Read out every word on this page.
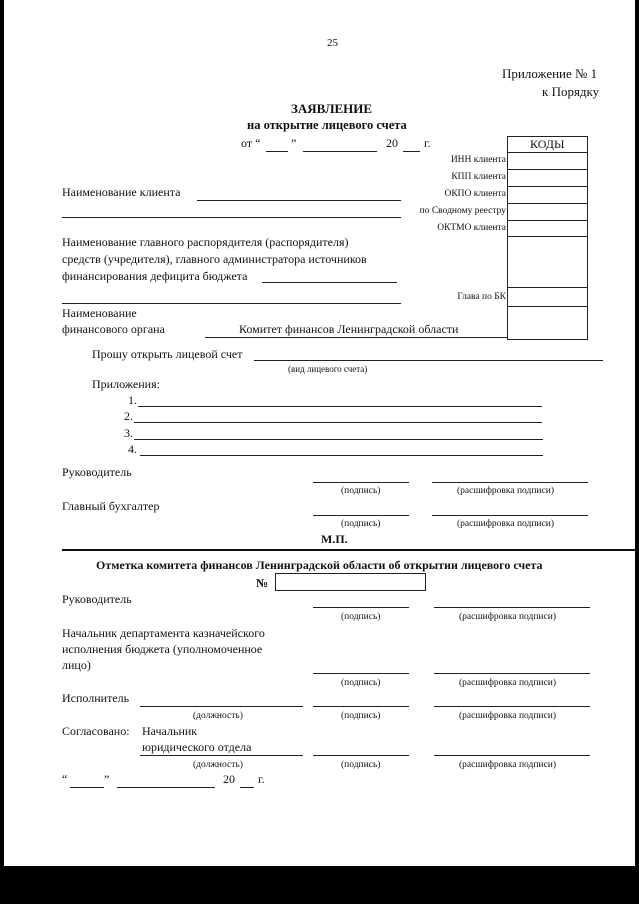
25
Приложение № 1
к Порядку
ЗАЯВЛЕНИЕ
на открытие лицевого счета
от “	”	20 г.	КОДЫ
ИНН клиента
КПП клиента
ОКПО клиента
по Сводному реестру
ОКТМО клиента
Глава по БК
Наименование клиента
Наименование главного распорядителя (распорядителя)
средств (учредителя), главного администратора источников
финансирования дефицита бюджета
Наименование
финансового органа	Комитет финансов Ленинградской области
Прошу открыть лицевой счет
(вид лицевого счета)
Приложения:
1.
2.
3.
4.
Руководитель
(подпись)	(расшифровка подписи)
Главный бухгалтер
(подпись)	(расшифровка подписи)
М.П.
Отметка комитета финансов Ленинградской области об открытии лицевого счета
№
Руководитель
(подпись)	(расшифровка подписи)
Начальник департамента казначейского
исполнения бюджета (уполномоченное
лицо)
(подпись)	(расшифровка подписи)
Исполнитель
(должность)	(подпись)	(расшифровка подписи)
Согласовано: Начальник
юридического отдела
(должность)	(подпись)	(расшифровка подписи)
“	”	20 г.
